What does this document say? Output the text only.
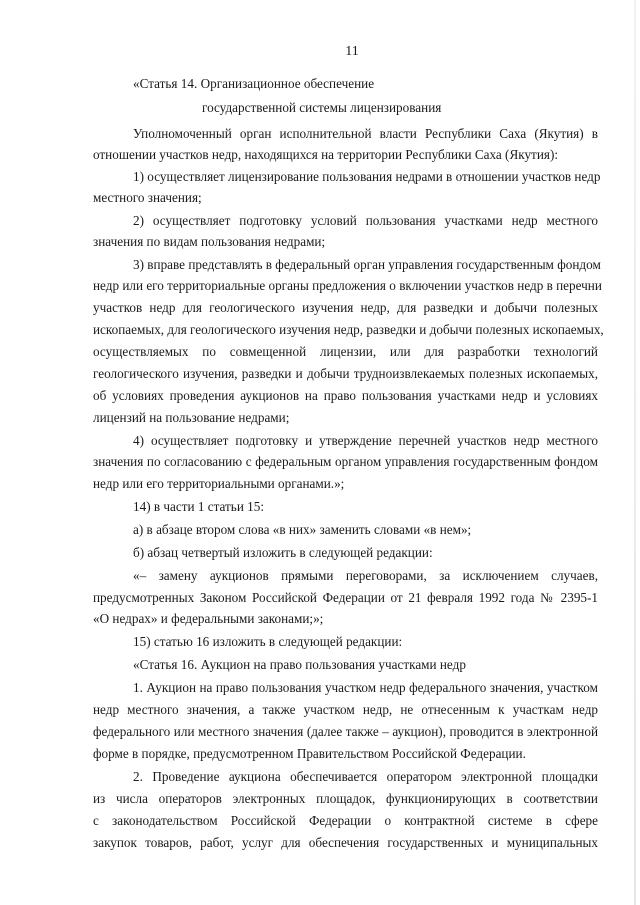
11
«Статья 14. Организационное обеспечение
государственной системы лицензирования
Уполномоченный орган исполнительной власти Республики Саха (Якутия) в
отношении участков недр, находящихся на территории Республики Саха (Якутия):
1) осуществляет лицензирование пользования недрами в отношении участков недр
местного значения;
2) осуществляет подготовку условий пользования участками недр местного
значения по видам пользования недрами;
3) вправе представлять в федеральный орган управления государственным фондом
недр или его территориальные органы предложения о включении участков недр в перечни
участков недр для геологического изучения недр, для разведки и добычи полезных
ископаемых, для геологического изучения недр, разведки и добычи полезных ископаемых,
осуществляемых по совмещенной лицензии, или для разработки технологий
геологического изучения, разведки и добычи трудноизвлекаемых полезных ископаемых,
об условиях проведения аукционов на право пользования участками недр и условиях
лицензий на пользование недрами;
4) осуществляет подготовку и утверждение перечней участков недр местного
значения по согласованию с федеральным органом управления государственным фондом
недр или его территориальными органами.»;
14) в части 1 статьи 15:
а) в абзаце втором слова «в них» заменить словами «в нем»;
б) абзац четвертый изложить в следующей редакции:
«– замену аукционов прямыми переговорами, за исключением случаев,
предусмотренных Законом Российской Федерации от 21 февраля 1992 года № 2395-1
«О недрах» и федеральными законами;»;
15) статью 16 изложить в следующей редакции:
«Статья 16. Аукцион на право пользования участками недр
1. Аукцион на право пользования участком недр федерального значения, участком
недр местного значения, а также участком недр, не отнесенным к участкам недр
федерального или местного значения (далее также – аукцион), проводится в электронной
форме в порядке, предусмотренном Правительством Российской Федерации.
2. Проведение аукциона обеспечивается оператором электронной площадки
из числа операторов электронных площадок, функционирующих в соответствии
с законодательством Российской Федерации о контрактной системе в сфере
закупок товаров, работ, услуг для обеспечения государственных и муниципальных
